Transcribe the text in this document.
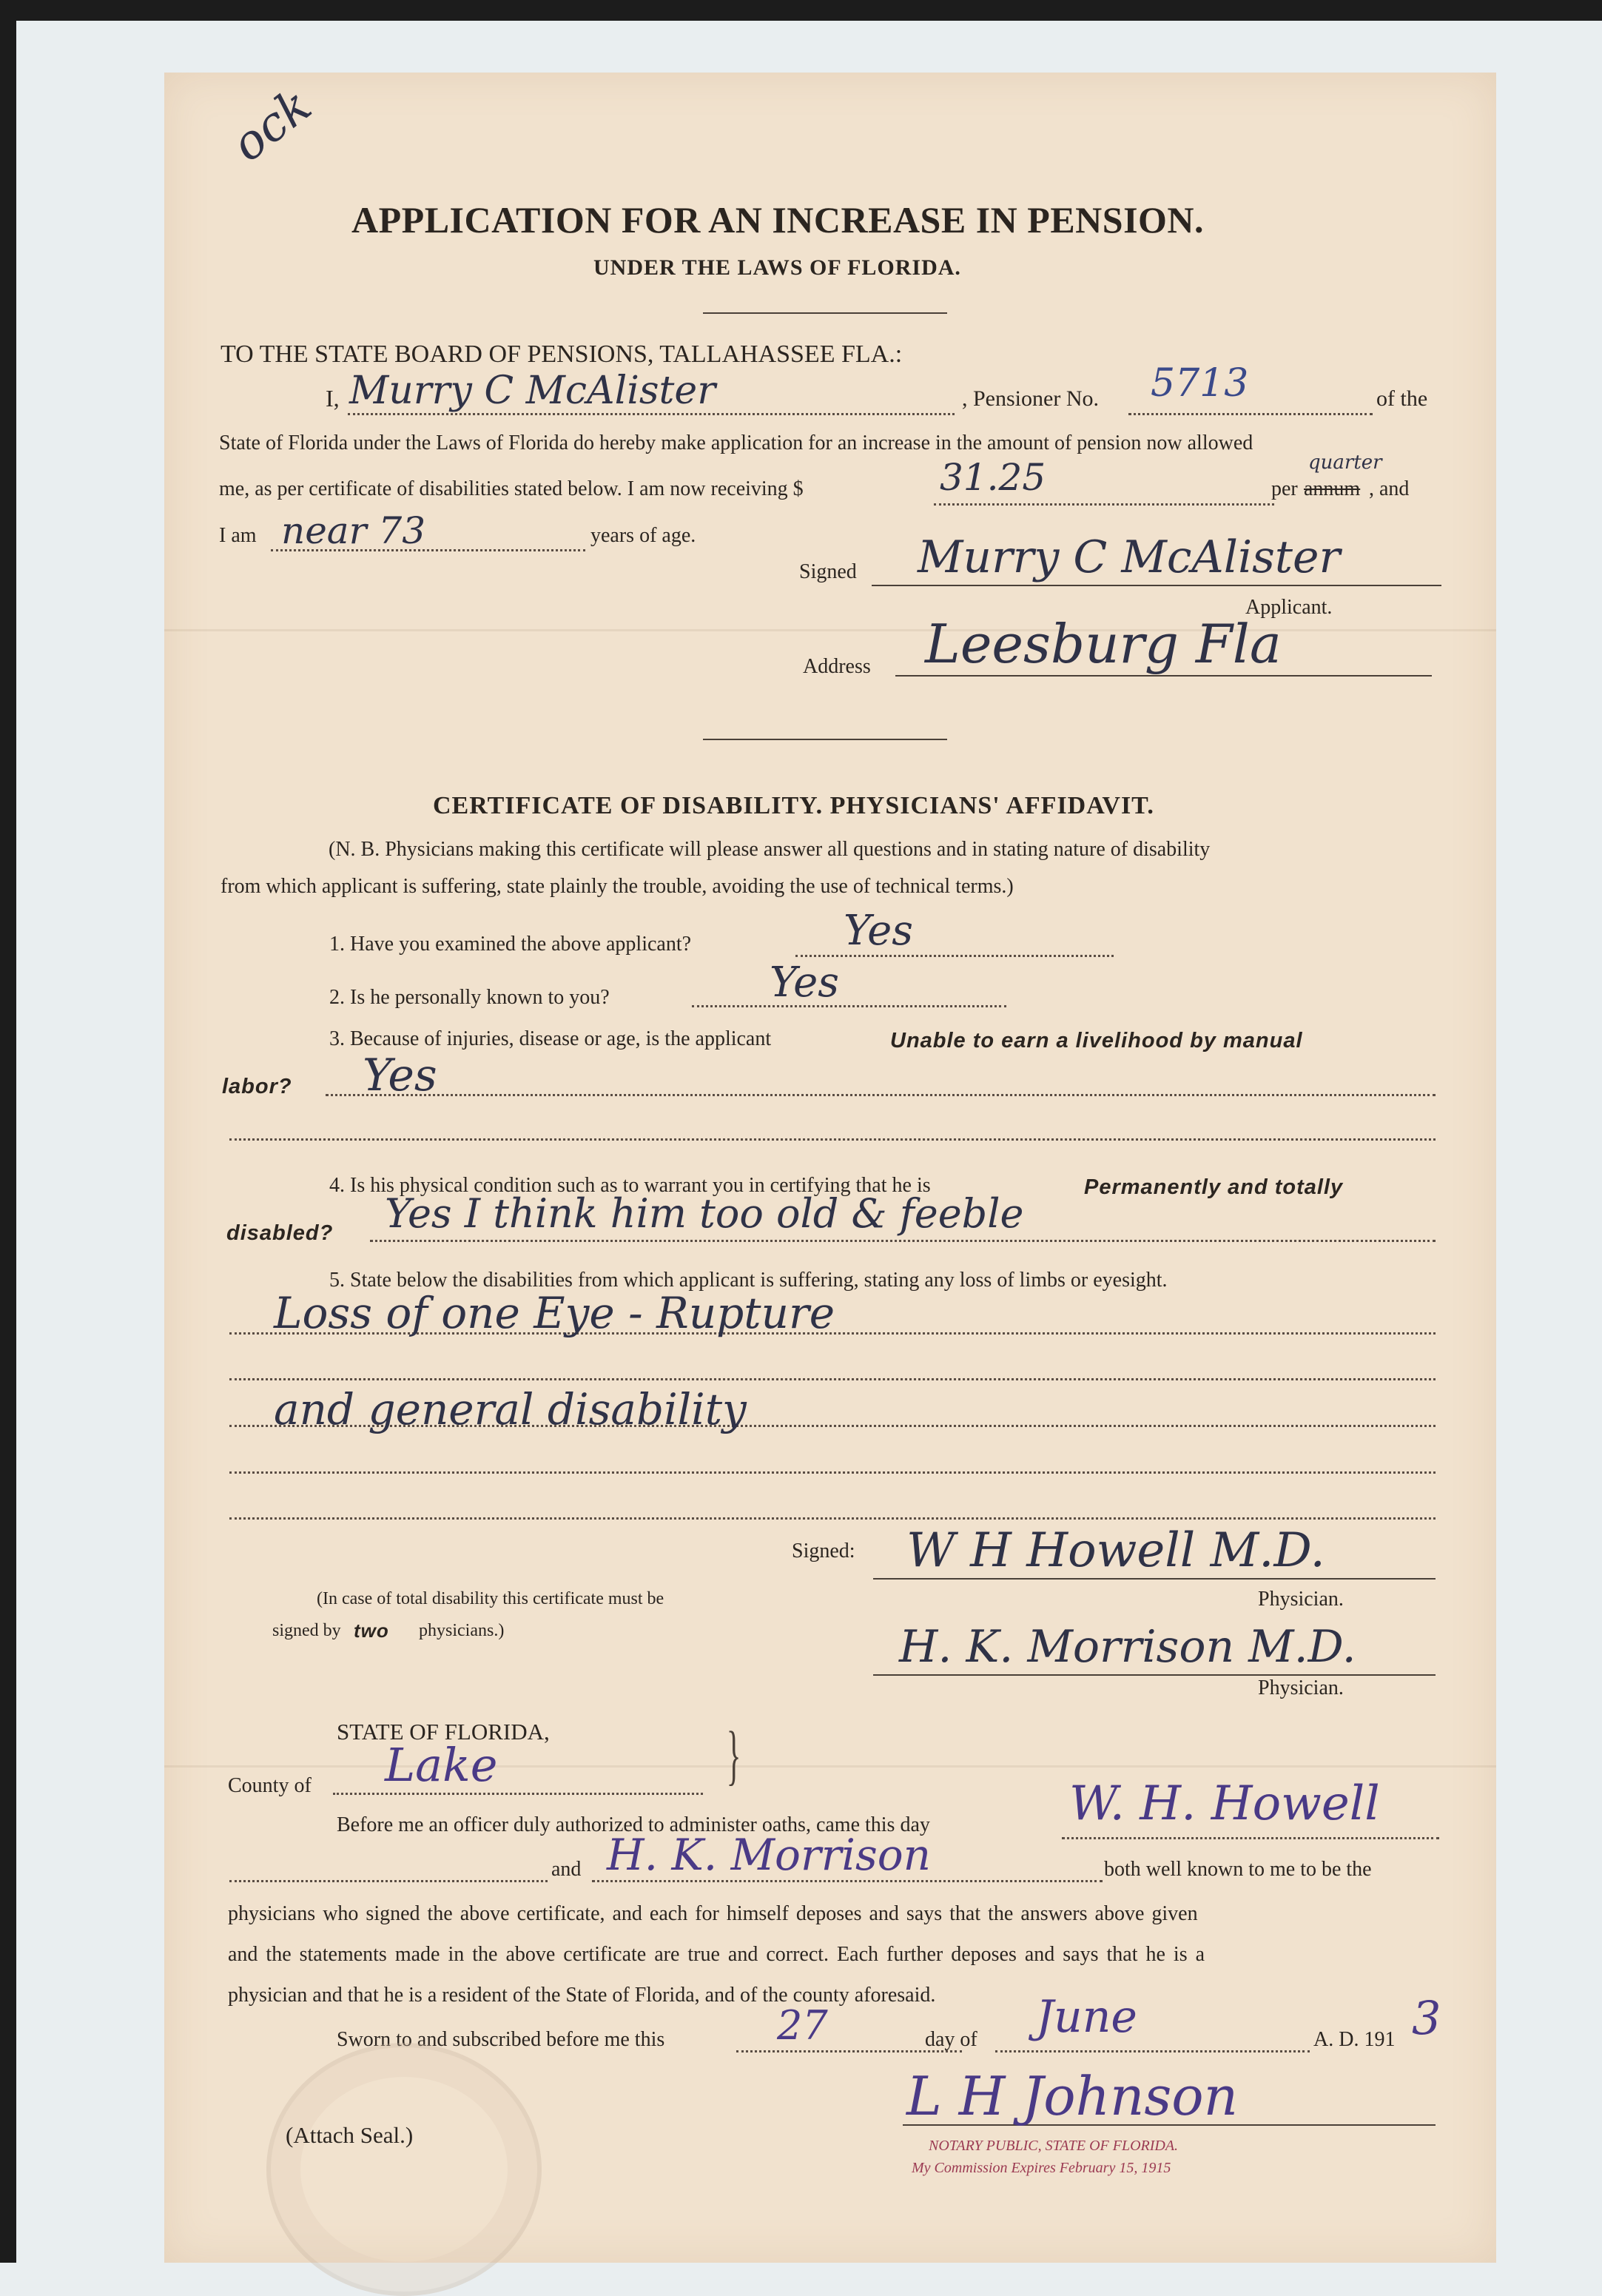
ock
APPLICATION FOR AN INCREASE IN PENSION.
UNDER THE LAWS OF FLORIDA.
TO THE STATE BOARD OF PENSIONS, TALLAHASSEE FLA.:
I, Murry C McAlister	, Pensioner No. 5713	of the
State of Florida under the Laws of Florida do hereby make application for an increase in the amount of pension now allowed
me, as per certificate of disabilities stated below. I am now receiving $	31.25	per annum
quarter
, and
I am near 73	years of age.
Signed Murry C McAlister
Applicant.
Address Leesburg Fla
CERTIFICATE OF DISABILITY. PHYSICIANS' AFFIDAVIT.
(N. B. Physicians making this certificate will please answer all questions and in stating nature of disability
from which applicant is suffering, state plainly the trouble, avoiding the use of technical terms.)
1. Have you examined the above applicant?	Yes
2. Is he personally known to you?	Yes
3. Because of injuries, disease or age, is the applicant	Unable to earn a livelihood by manual
labor? Yes
4. Is his physical condition such as to warrant you in certifying that he is	Permanently and totally
disabled? Yes I think him too old & feeble
5. State below the disabilities from which applicant is suffering, stating any loss of limbs or eyesight.
Loss of one Eye - Rupture
and general disability
Signed: W H Howell M.D.
Physician.
(In case of total disability this certificate must be
signed by two physicians.)	H. K. Morrison M.D.
Physician.
STATE OF FLORIDA,	}
County of Lake
Before me an officer duly authorized to administer oaths, came this day	W. H. Howell
and H. K. Morrison	both well known to me to be the
physicians who signed the above certificate, and each for himself deposes and says that the answers above given
and the statements made in the above certificate are true and correct. Each further deposes and says that he is a
physician and that he is a resident of the State of Florida, and of the county aforesaid.
Sworn to and subscribed before me this	27	day of June	A. D. 191 3
L H Johnson
(Attach Seal.)	NOTARY PUBLIC, STATE OF FLORIDA.
My Commission Expires February 15, 1915
